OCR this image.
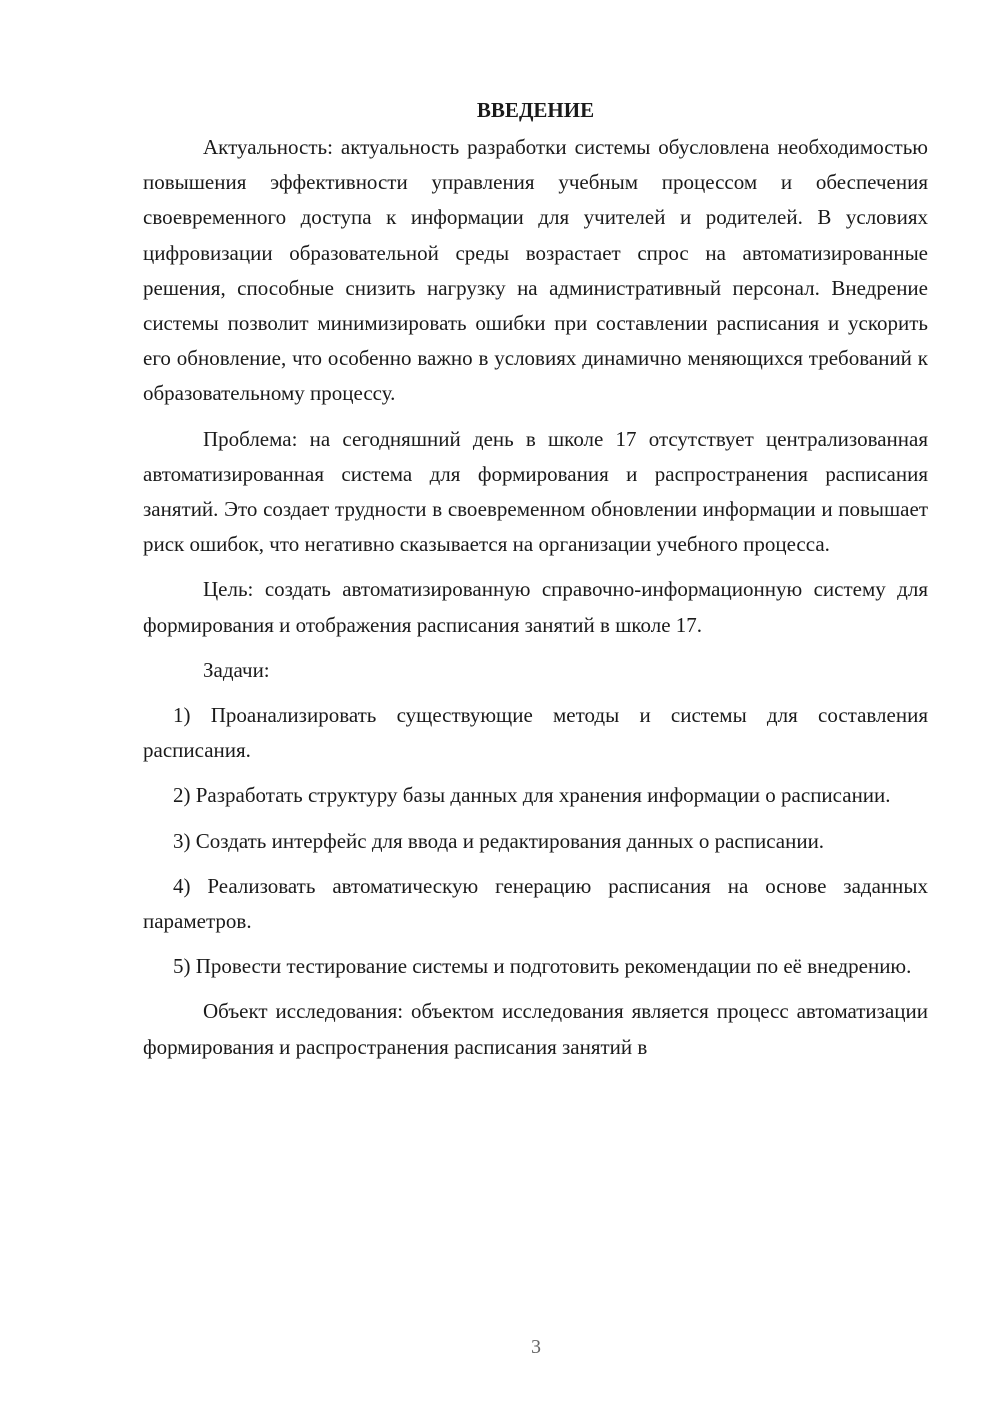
ВВЕДЕНИЕ

Актуальность: актуальность разработки системы обусловлена необходимостью повышения эффективности управления учебным процессом и обеспечения своевременного доступа к информации для учителей и родителей. В условиях цифровизации образовательной среды возрастает спрос на автоматизированные решения, способные снизить нагрузку на административный персонал. Внедрение системы позволит минимизировать ошибки при составлении расписания и ускорить его обновление, что особенно важно в условиях динамично меняющихся требований к образовательному процессу.

Проблема: на сегодняшний день в школе 17 отсутствует централизованная автоматизированная система для формирования и распространения расписания занятий. Это создает трудности в своевременном обновлении информации и повышает риск ошибок, что негативно сказывается на организации учебного процесса.

Цель: создать автоматизированную справочно-информационную систему для формирования и отображения расписания занятий в школе 17.

Задачи:

1) Проанализировать существующие методы и системы для составления расписания.

2) Разработать структуру базы данных для хранения информации о расписании.

3) Создать интерфейс для ввода и редактирования данных о расписании.

4) Реализовать автоматическую генерацию расписания на основе заданных параметров.

5) Провести тестирование системы и подготовить рекомендации по её внедрению.

Объект исследования: объектом исследования является процесс автоматизации формирования и распространения расписания занятий в

3
